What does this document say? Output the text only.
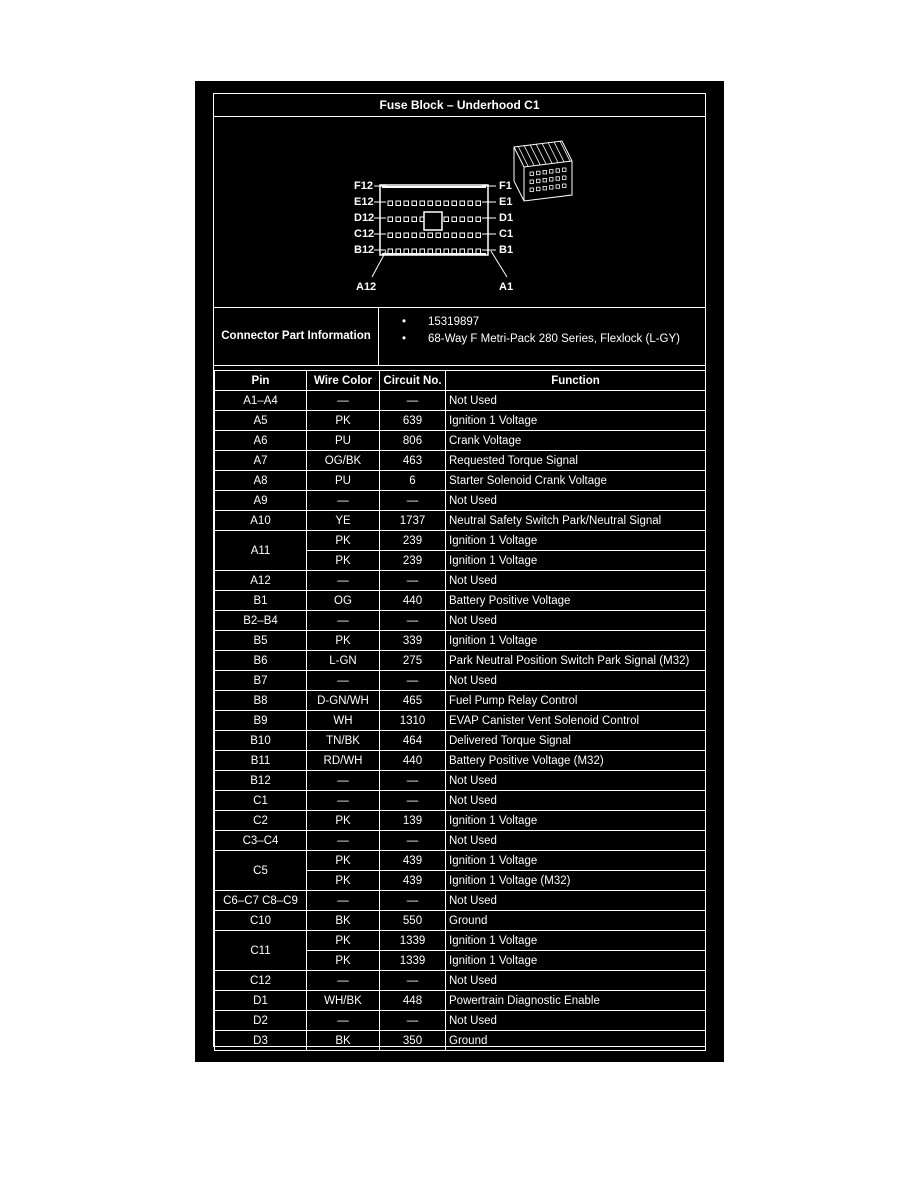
Fuse Block – Underhood C1
F12
E12
D12
C12
B12
F1
E1
D1
C1
B1
A12	A1
Connector Part Information
• 15319897
• 68-Way F Metri-Pack 280 Series, Flexlock (L-GY)
Pin	Wire Color	Circuit No.	Function
A1–A4	—	—	Not Used
A5	PK	639	Ignition 1 Voltage
A6	PU	806	Crank Voltage
A7	OG/BK	463	Requested Torque Signal
A8	PU	6	Starter Solenoid Crank Voltage
A9	—	—	Not Used
A10	YE	1737	Neutral Safety Switch Park/Neutral Signal
A11	PK	239	Ignition 1 Voltage
	PK	239	Ignition 1 Voltage
A12	—	—	Not Used
B1	OG	440	Battery Positive Voltage
B2–B4	—	—	Not Used
B5	PK	339	Ignition 1 Voltage
B6	L-GN	275	Park Neutral Position Switch Park Signal (M32)
B7	—	—	Not Used
B8	D-GN/WH	465	Fuel Pump Relay Control
B9	WH	1310	EVAP Canister Vent Solenoid Control
B10	TN/BK	464	Delivered Torque Signal
B11	RD/WH	440	Battery Positive Voltage (M32)
B12	—	—	Not Used
C1	—	—	Not Used
C2	PK	139	Ignition 1 Voltage
C3–C4	—	—	Not Used
C5	PK	439	Ignition 1 Voltage
	PK	439	Ignition 1 Voltage (M32)
C6–C7 C8–C9	—	—	Not Used
C10	BK	550	Ground
C11	PK	1339	Ignition 1 Voltage
	PK	1339	Ignition 1 Voltage
C12	—	—	Not Used
D1	WH/BK	448	Powertrain Diagnostic Enable
D2	—	—	Not Used
D3	BK	350	Ground
